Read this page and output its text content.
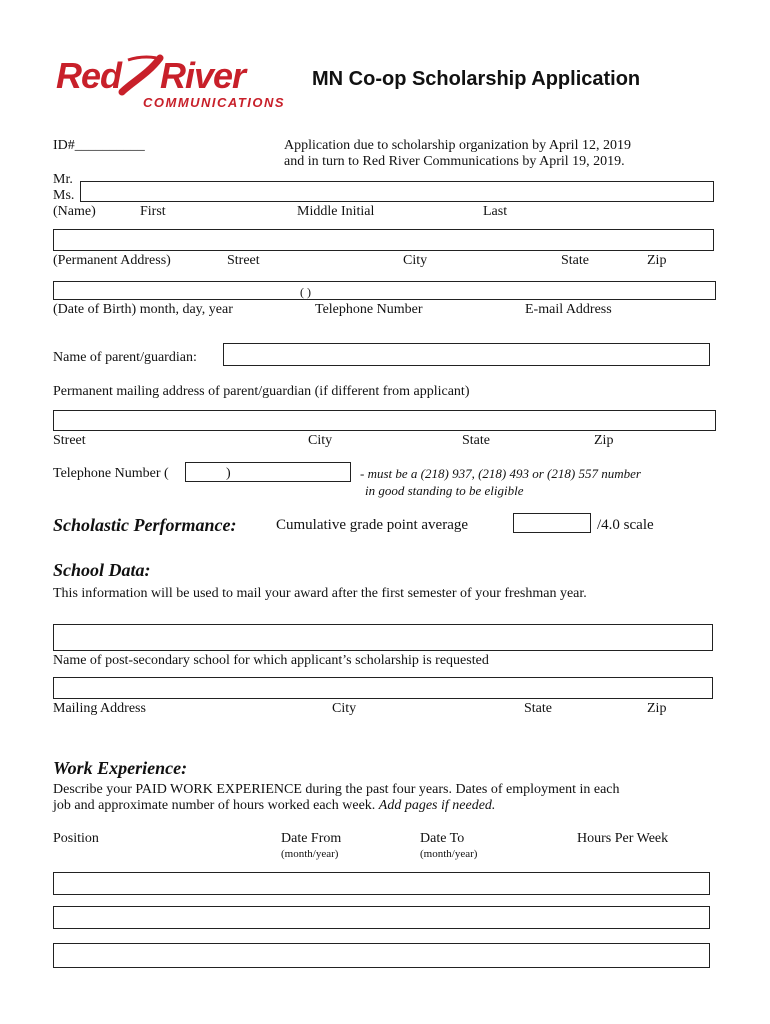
Red River
COMMUNICATIONS
MN Co-op Scholarship Application
ID#__________	Application due to scholarship organization by April 12, 2019
and in turn to Red River Communications by April 19, 2019.
Mr.
Ms.
(Name)	First	Middle Initial	Last
(Permanent Address)	Street	City	State	Zip
( )
(Date of Birth) month, day, year	Telephone Number	E-mail Address
Name of parent/guardian:
Permanent mailing address of parent/guardian (if different from applicant)
Street	City	State	Zip
Telephone Number (	)	- must be a (218) 937, (218) 493 or (218) 557 number
in good standing to be eligible
Scholastic Performance:	Cumulative grade point average	/4.0 scale
School Data:
This information will be used to mail your award after the first semester of your freshman year.
Name of post-secondary school for which applicant’s scholarship is requested
Mailing Address	City	State	Zip
Work Experience:
Describe your PAID WORK EXPERIENCE during the past four years. Dates of employment in each
job and approximate number of hours worked each week. Add pages if needed.
Position	Date From	Date To	Hours Per Week
(month/year)	(month/year)
